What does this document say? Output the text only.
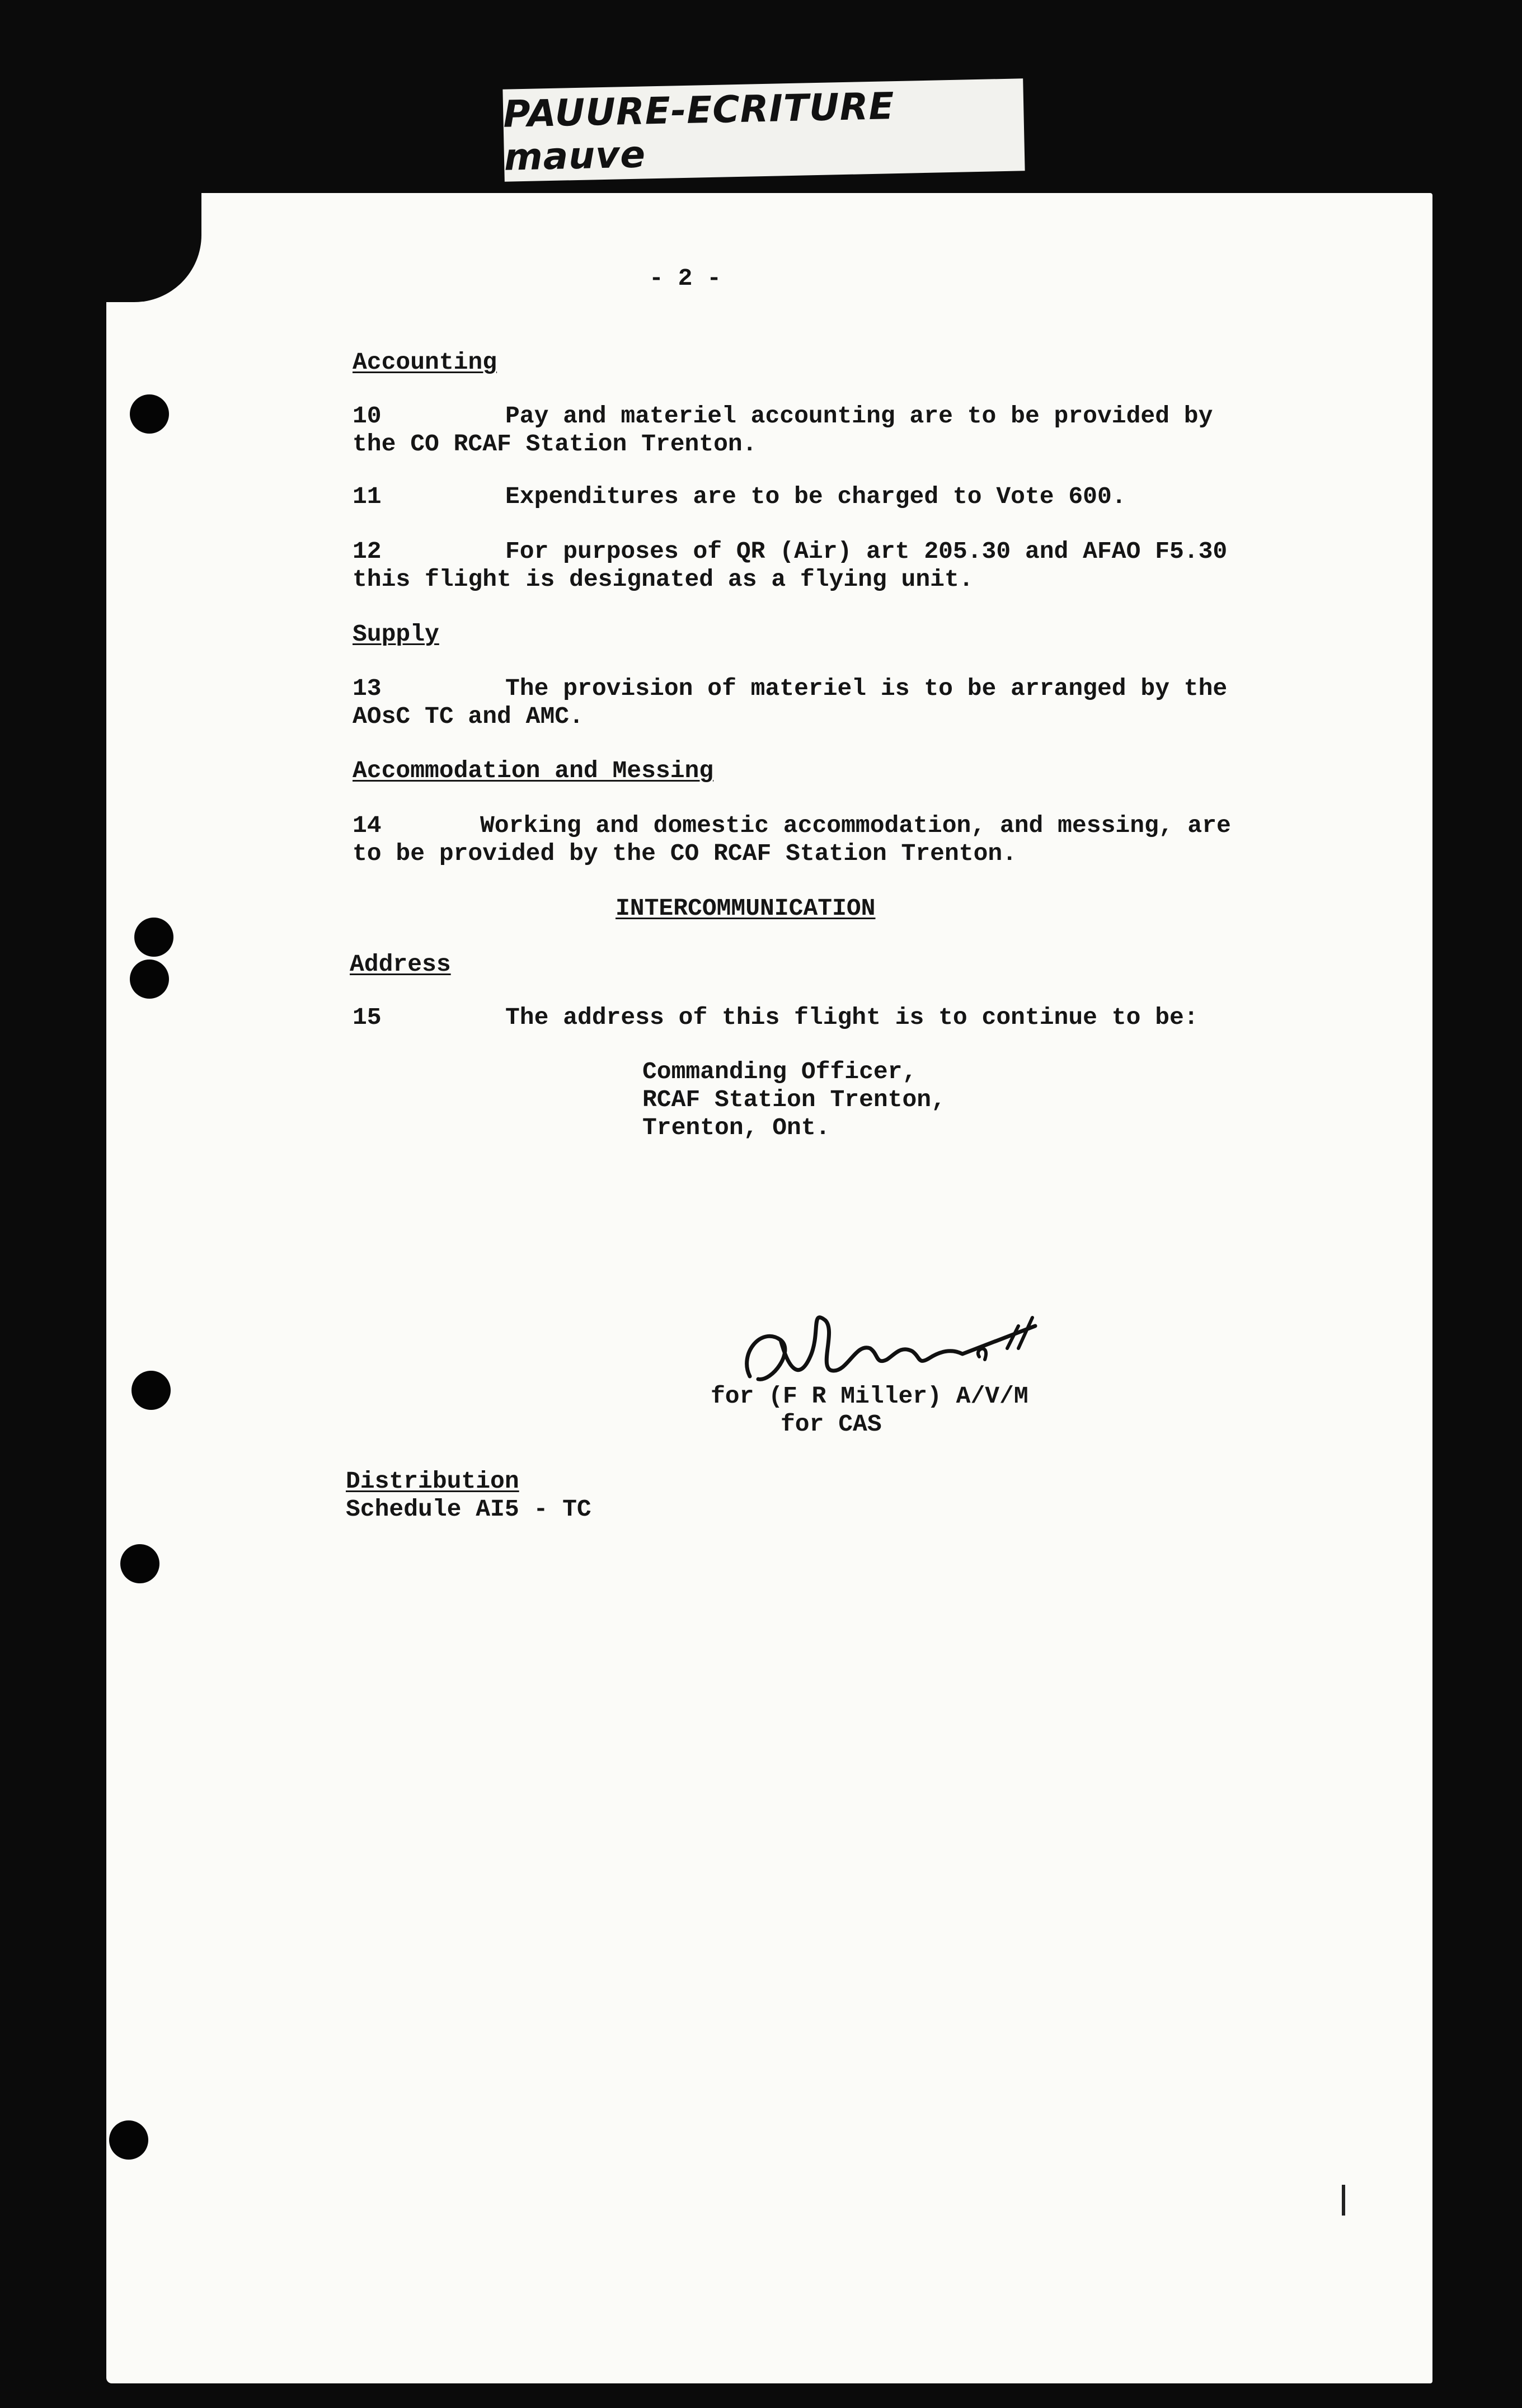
PAUURE-ECRITURE mauve
- 2 -
Accounting
10	Pay and materiel accounting are to be provided by
the CO RCAF Station Trenton.
11	Expenditures are to be charged to Vote 600.
12	For purposes of QR (Air) art 205.30 and AFAO F5.30
this flight is designated as a flying unit.
Supply
13	The provision of materiel is to be arranged by the
AOsC TC and AMC.
Accommodation and Messing
14	Working and domestic accommodation, and messing, are
to be provided by the CO RCAF Station Trenton.
INTERCOMMUNICATION
Address
15	The address of this flight is to continue to be:
Commanding Officer,
RCAF Station Trenton,
Trenton, Ont.
for (F R Miller) A/V/M
for CAS
Distribution
Schedule AI5 - TC
